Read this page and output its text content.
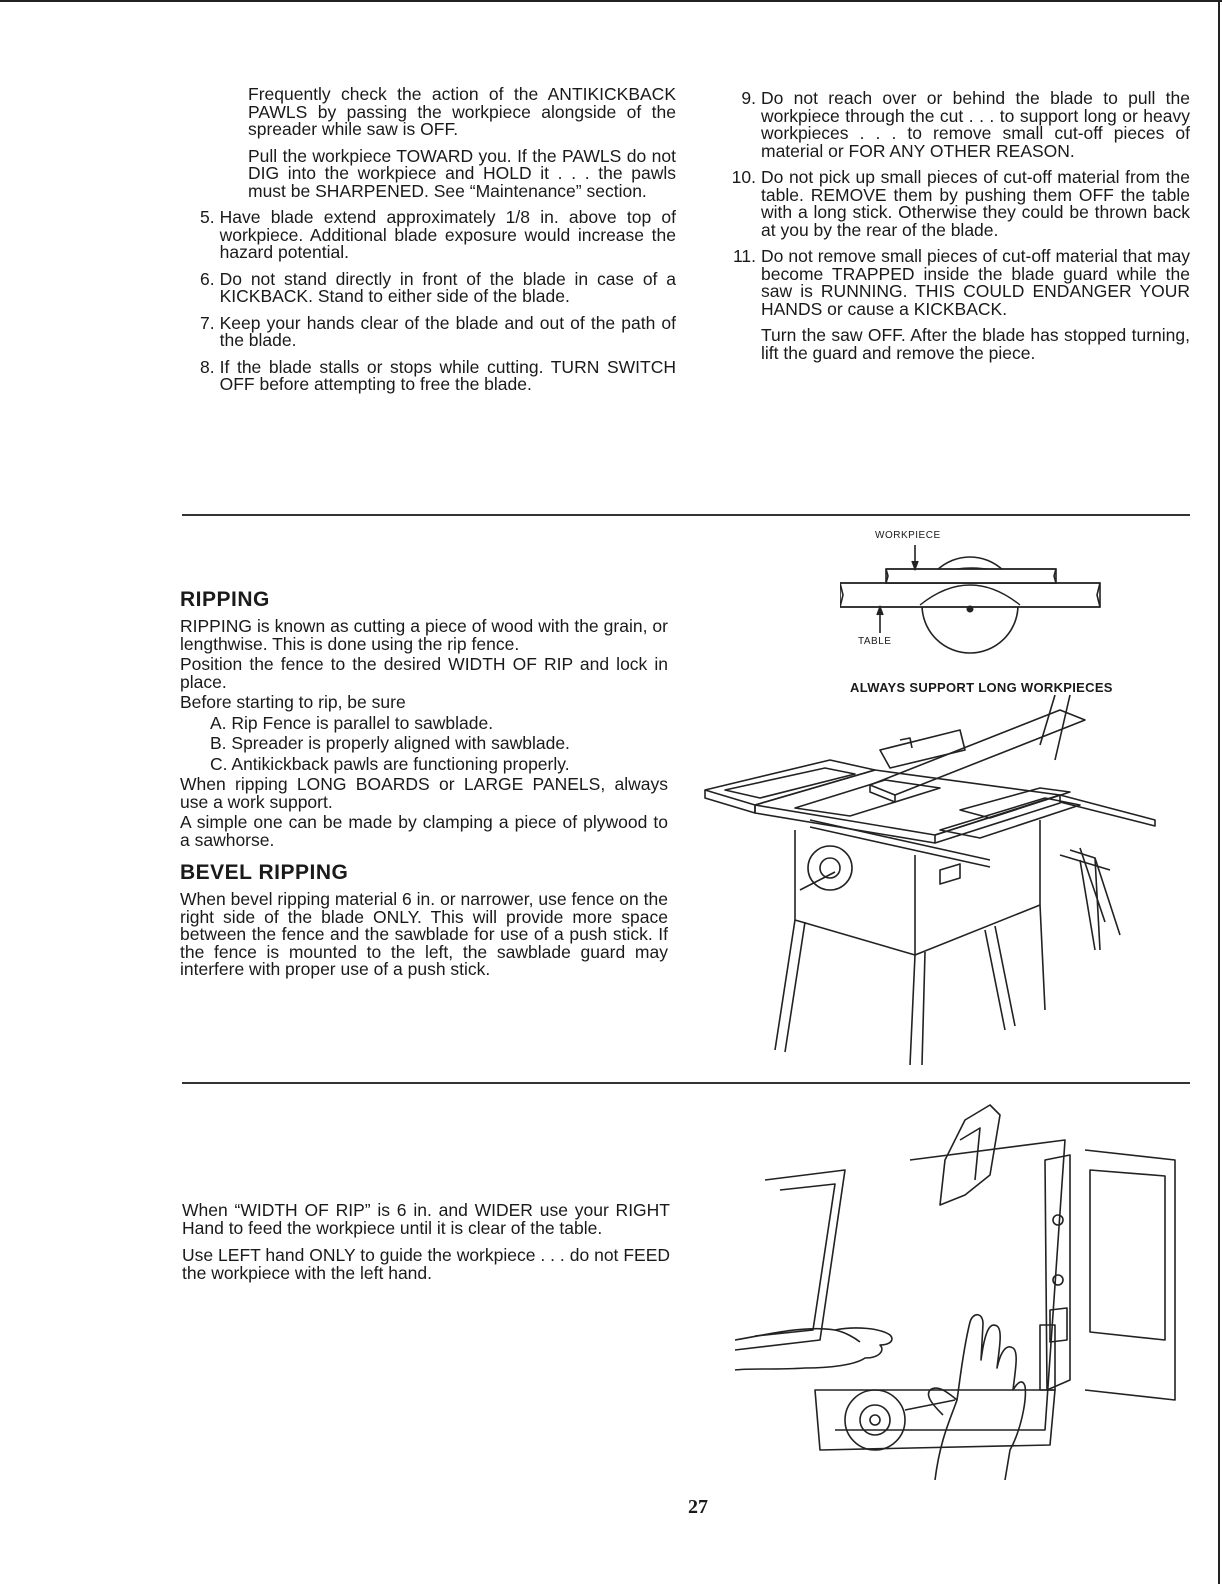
Frequently check the action of the ANTIKICKBACK PAWLS by passing the workpiece alongside of the spreader while saw is OFF.

Pull the workpiece TOWARD you. If the PAWLS do not DIG into the workpiece and HOLD it . . . the pawls must be SHARPENED. See “Maintenance” section.

5. Have blade extend approximately 1/8 in. above top of workpiece. Additional blade exposure would increase the hazard potential.
6. Do not stand directly in front of the blade in case of a KICKBACK. Stand to either side of the blade.
7. Keep your hands clear of the blade and out of the path of the blade.
8. If the blade stalls or stops while cutting. TURN SWITCH OFF before attempting to free the blade.
9. Do not reach over or behind the blade to pull the workpiece through the cut . . . to support long or heavy workpieces . . . to remove small cut-off pieces of material or FOR ANY OTHER REASON.
10. Do not pick up small pieces of cut-off material from the table. REMOVE them by pushing them OFF the table with a long stick. Otherwise they could be thrown back at you by the rear of the blade.
11. Do not remove small pieces of cut-off material that may become TRAPPED inside the blade guard while the saw is RUNNING. THIS COULD ENDANGER YOUR HANDS or cause a KICKBACK.

Turn the saw OFF. After the blade has stopped turning, lift the guard and remove the piece.

RIPPING

RIPPING is known as cutting a piece of wood with the grain, or lengthwise. This is done using the rip fence.

Position the fence to the desired WIDTH OF RIP and lock in place.

Before starting to rip, be sure

A. Rip Fence is parallel to sawblade.

B. Spreader is properly aligned with sawblade.

C. Antikickback pawls are functioning properly.

When ripping LONG BOARDS or LARGE PANELS, always use a work support.

A simple one can be made by clamping a piece of plywood to a sawhorse.

BEVEL RIPPING

When bevel ripping material 6 in. or narrower, use fence on the right side of the blade ONLY. This will provide more space between the fence and the sawblade for use of a push stick. If the fence is mounted to the left, the sawblade guard may interfere with proper use of a push stick.

WORKPIECE
TABLE
ALWAYS SUPPORT LONG WORKPIECES

When “WIDTH OF RIP” is 6 in. and WIDER use your RIGHT Hand to feed the workpiece until it is clear of the table.

Use LEFT hand ONLY to guide the workpiece . . . do not FEED the workpiece with the left hand.

27
